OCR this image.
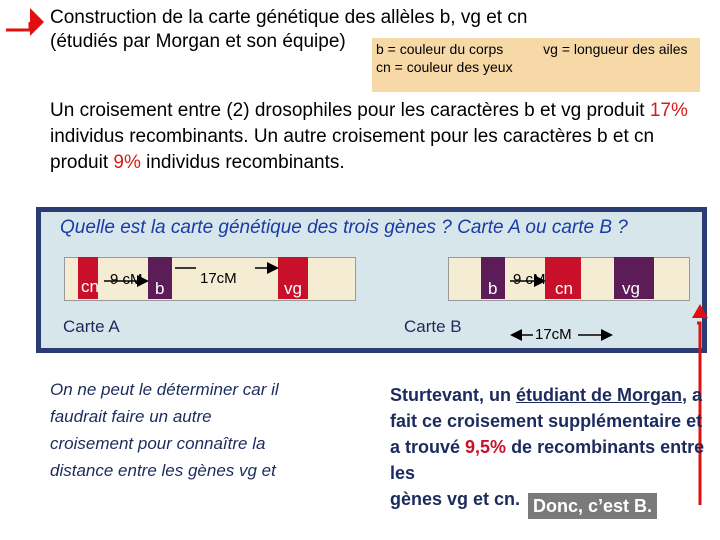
Construction de la carte génétique des allèles b, vg et cn
(étudiés par Morgan et son équipe)	b = couleur du corps	vg = longueur des ailes
cn = couleur des yeux
Un croisement entre (2) drosophiles pour les caractères b et vg produit 17% individus recombinants. Un autre croisement pour les caractères b et cn produit 9% individus recombinants.
Quelle est la carte génétique des trois gènes ? Carte A ou carte B ?
cn 9 cM b
17cM
vg
Carte A
b 9 cM cn	vg
Carte B	17cM
On ne peut le déterminer car il faudrait faire un autre croisement pour connaître la distance entre les gènes vg et
Sturtevant, un étudiant de Morgan, a fait ce croisement supplémentaire et a trouvé 9,5% de recombinants entre les
gènes vg et cn. Donc, c’est B.
